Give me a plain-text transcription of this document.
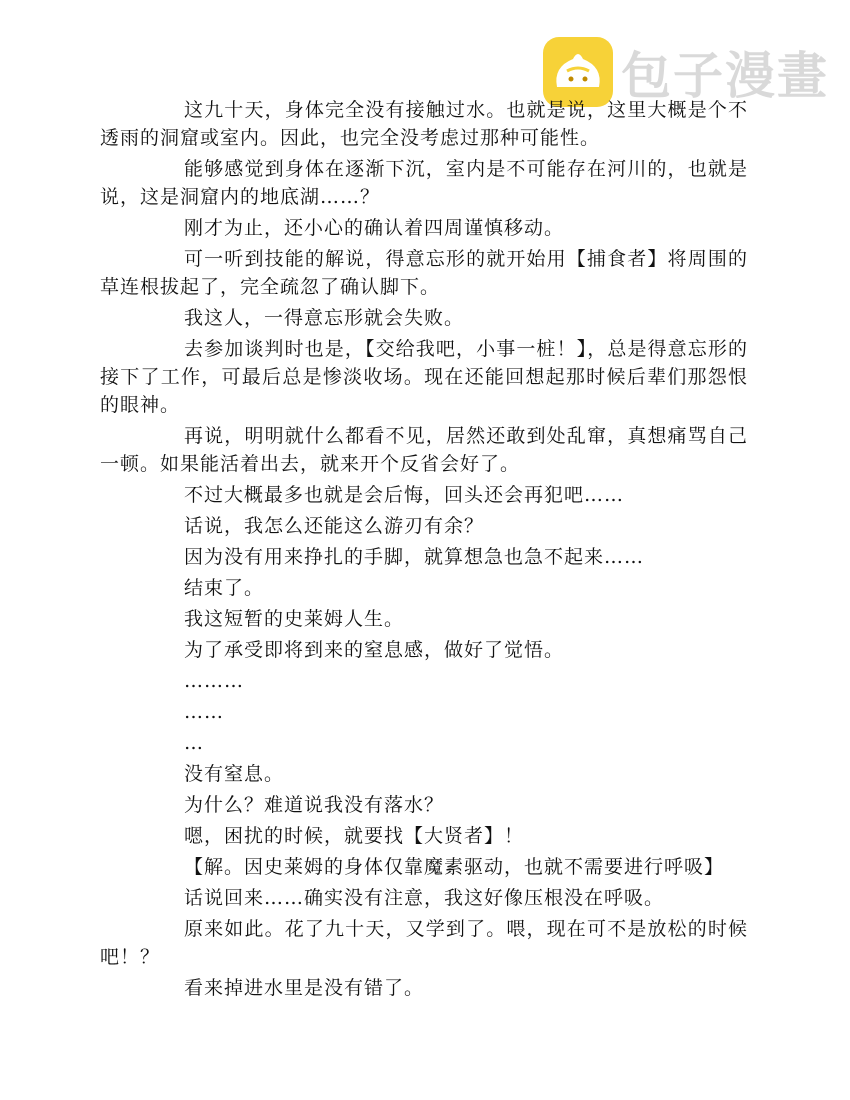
包子漫畫

这九十天，身体完全没有接触过水。也就是说，这里大概是个不透雨的洞窟或室内。因此，也完全没考虑过那种可能性。

能够感觉到身体在逐渐下沉，室内是不可能存在河川的，也就是说，这是洞窟内的地底湖……？

刚才为止，还小心的确认着四周谨慎移动。

可一听到技能的解说，得意忘形的就开始用【捕食者】将周围的草连根拔起了，完全疏忽了确认脚下。

我这人，一得意忘形就会失败。

去参加谈判时也是，【交给我吧，小事一桩！】，总是得意忘形的接下了工作，可最后总是惨淡收场。现在还能回想起那时候后辈们那怨恨的眼神。

再说，明明就什么都看不见，居然还敢到处乱窜，真想痛骂自己一顿。如果能活着出去，就来开个反省会好了。

不过大概最多也就是会后悔，回头还会再犯吧……

话说，我怎么还能这么游刃有余？

因为没有用来挣扎的手脚，就算想急也急不起来……

结束了。

我这短暂的史莱姆人生。

为了承受即将到来的窒息感，做好了觉悟。

………

……

…

没有窒息。

为什么？难道说我没有落水？

嗯，困扰的时候，就要找【大贤者】！

【解。因史莱姆的身体仅靠魔素驱动，也就不需要进行呼吸】

话说回来……确实没有注意，我这好像压根没在呼吸。

原来如此。花了九十天，又学到了。喂，现在可不是放松的时候吧！？

看来掉进水里是没有错了。
